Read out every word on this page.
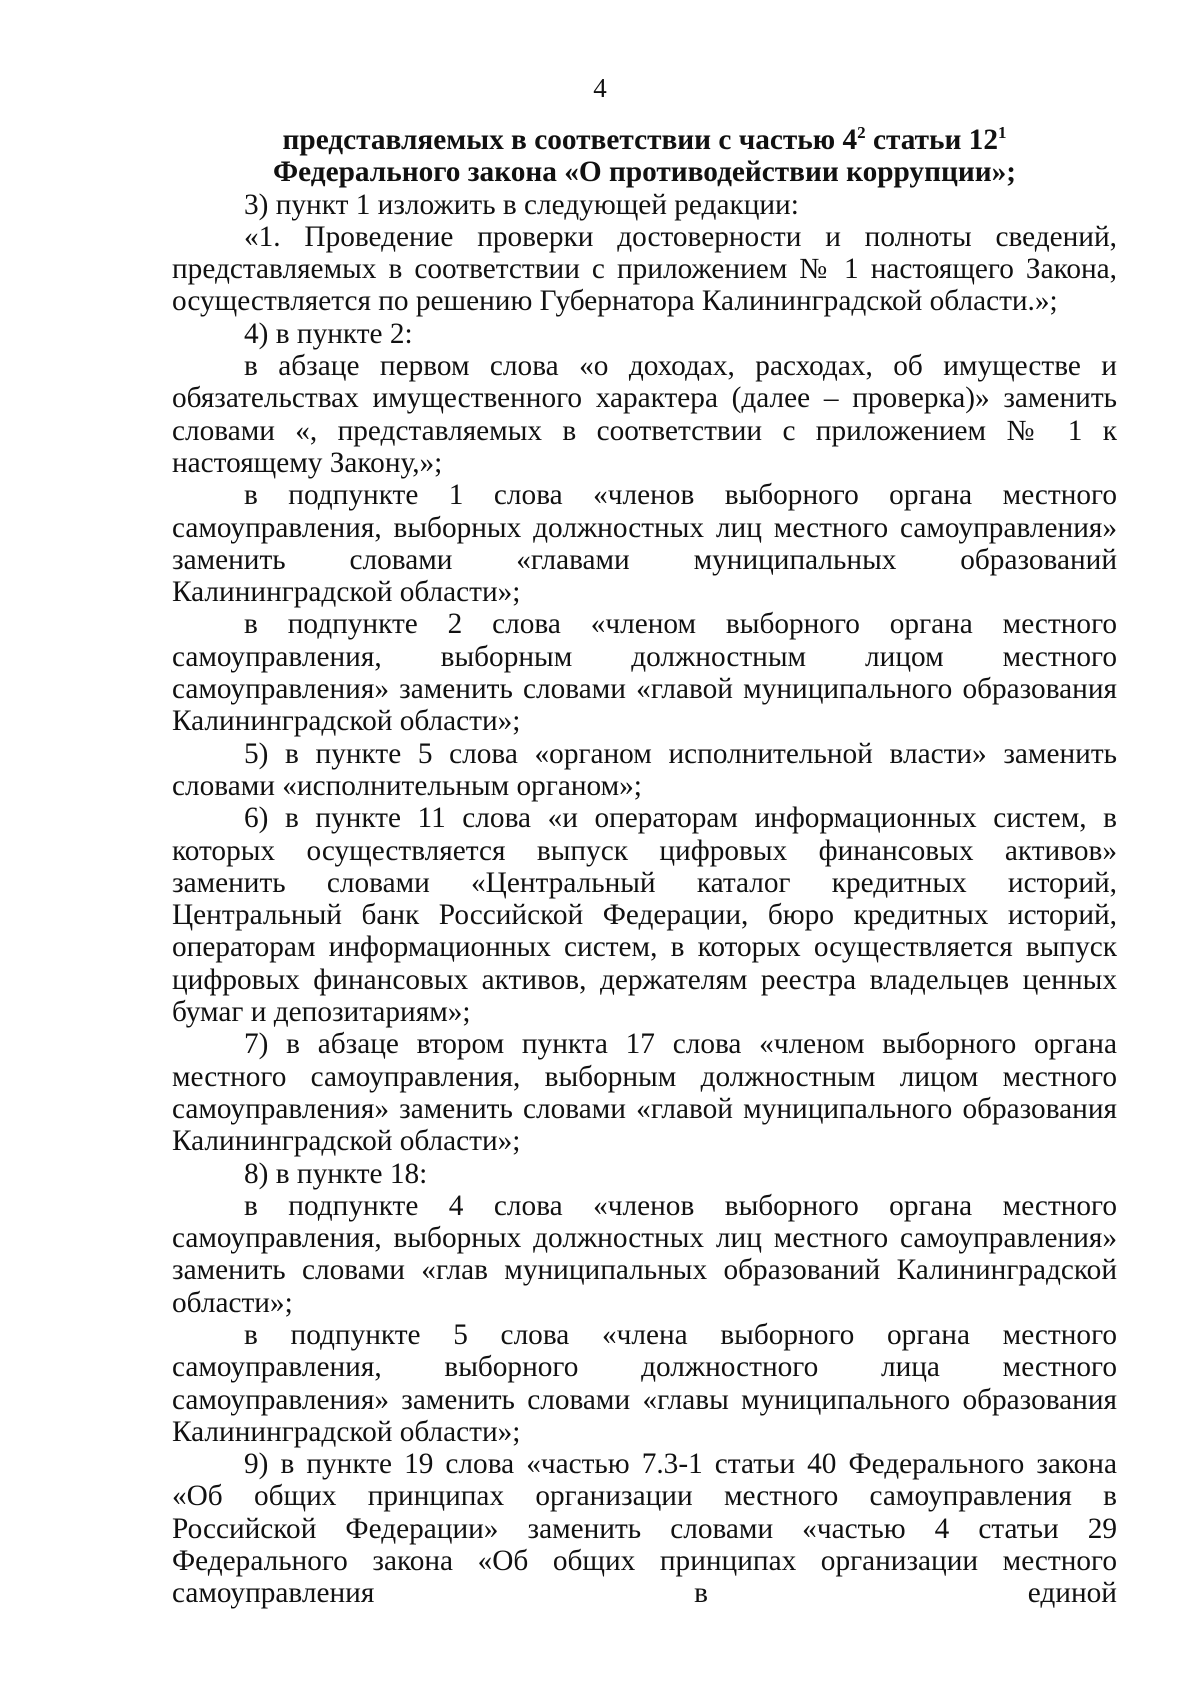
4
представляемых в соответствии с частью $4^2$ статьи $12^1$
Федерального закона «О противодействии коррупции»;

3) пункт 1 изложить в следующей редакции:

«1. Проведение проверки достоверности и полноты сведений, представляемых в соответствии с приложением № 1 настоящего Закона, осуществляется по решению Губернатора Калининградской области.»;

4) в пункте 2:

в абзаце первом слова «о доходах, расходах, об имуществе и обязательствах имущественного характера (далее – проверка)» заменить словами «, представляемых в соответствии с приложением № 1 к настоящему Закону,»;

в подпункте 1 слова «членов выборного органа местного самоуправления, выборных должностных лиц местного самоуправления» заменить словами «главами муниципальных образований Калининградской области»;

в подпункте 2 слова «членом выборного органа местного самоуправления, выборным должностным лицом местного самоуправления» заменить словами «главой муниципального образования Калининградской области»;

5) в пункте 5 слова «органом исполнительной власти» заменить словами «исполнительным органом»;

6) в пункте 11 слова «и операторам информационных систем, в которых осуществляется выпуск цифровых финансовых активов» заменить словами «Центральный каталог кредитных историй, Центральный банк Российской Федерации, бюро кредитных историй, операторам информационных систем, в которых осуществляется выпуск цифровых финансовых активов, держателям реестра владельцев ценных бумаг и депозитариям»;

7) в абзаце втором пункта 17 слова «членом выборного органа местного самоуправления, выборным должностным лицом местного самоуправления» заменить словами «главой муниципального образования Калининградской области»;

8) в пункте 18:

в подпункте 4 слова «членов выборного органа местного самоуправления, выборных должностных лиц местного самоуправления» заменить словами «глав муниципальных образований Калининградской области»;

в подпункте 5 слова «члена выборного органа местного самоуправления, выборного должностного лица местного самоуправления» заменить словами «главы муниципального образования Калининградской области»;

9) в пункте 19 слова «частью 7.3-1 статьи 40 Федерального закона «Об общих принципах организации местного самоуправления в Российской Федерации» заменить словами «частью 4 статьи 29 Федерального закона «Об общих принципах организации местного самоуправления в единой
